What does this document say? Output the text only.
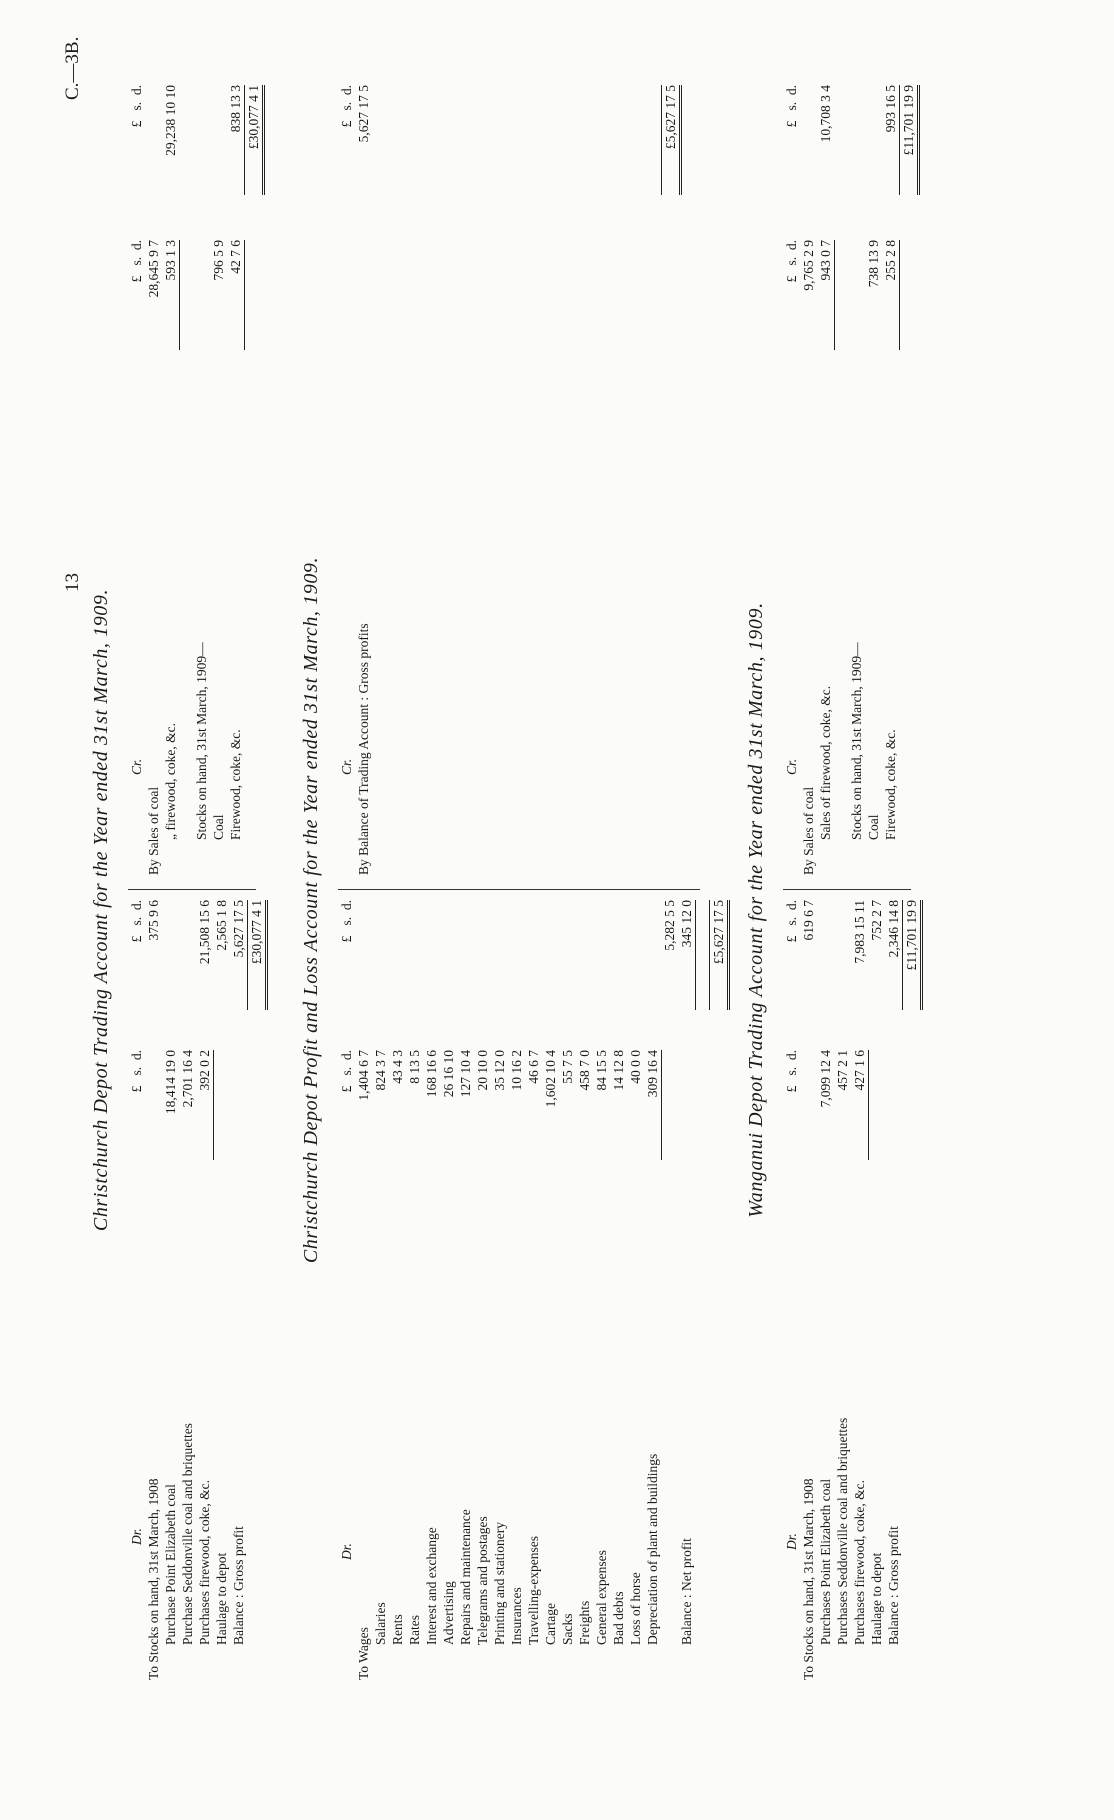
13
C.—3B.
Christchurch Depot Trading Account for the Year ended 31st March, 1909.
Dr.
£   s.  d.
£   s.  d.
To Stocks on hand, 31st March, 1908
375 9 6
Purchase Point Elizabeth coal
18,414 19 0
Purchase Seddonville coal and briquettes
2,701 16 4
Purchases firewood, coke, &c.
392 0 2
21,508 15 6
Haulage to depot
2,565 1 8
Balance : Gross profit
5,627 17 5 £30,077 4 1
Cr.
£   s.  d.
£   s.  d.
By Sales of coal
28,645 9 7
„ firewood, coke, &c.
593 1 3
29,238 10 10
Stocks on hand, 31st March, 1909— Coal
796 5 9
Firewood, coke, &c.
42 7 6
838 13 3 £30,077 4 1
Christchurch Depot Profit and Loss Account for the Year ended 31st March, 1909.
Dr.
£   s.  d.
£   s.  d.
To Wages
1,404 6 7
Salaries
824 3 7
Rents
43 4 3
Rates
8 13 5
Interest and exchange
168 16 6
Advertising
26 16 10
Repairs and maintenance
127 10 4
Telegrams and postages
20 10 0
Printing and stationery
35 12 0
Insurances
10 16 2
Travelling-expenses
46 6 7
Cartage
1,602 10 4
Sacks
55 7 5
Freights
458 7 0
General expenses
84 15 5
Bad debts
14 12 8
Loss of horse
40 0 0
Depreciation of plant and buildings
309 16 4
5,282 5 5
Balance : Net profit
345 12 0 £5,627 17 5
Cr.
£   s.  d.
By Balance of Trading Account : Gross profits
5,627 17 5	£5,627 17 5
Wanganui Depot Trading Account for the Year ended 31st March, 1909.
Dr.
£   s.  d.
£   s.  d.
To Stocks on hand, 31st March, 1908
619 6 7
Purchases Point Elizabeth coal
7,099 12 4
Purchases Seddonville coal and briquettes
457 2 1
Purchases firewood, coke, &c.
427 1 6
7,983 15 11
Haulage to depot
752 2 7
Balance : Gross profit
2,346 14 8 £11,701 19 9
Cr.
£   s.  d.
£   s.  d.
By Sales of coal
9,765 2 9
Sales of firewood, coke, &c.
943 0 7
10,708 3 4
Stocks on hand, 31st March, 1909— Coal
738 13 9
Firewood, coke, &c.
255 2 8
993 16 5 £11,701 19 9
